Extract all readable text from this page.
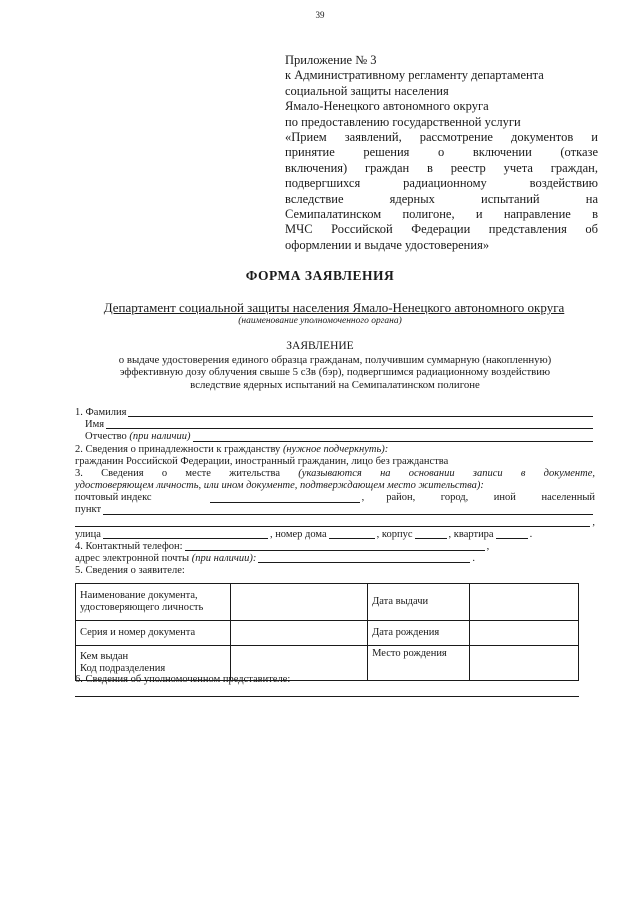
39
Приложение № 3
к Административному регламенту департамента
социальной защиты населения
Ямало-Ненецкого автономного округа
по предоставлению государственной услуги
«Прием заявлений, рассмотрение документов и
принятие решения о включении (отказе
включения) граждан в реестр учета граждан,
подвергшихся радиационному воздействию
вследствие ядерных испытаний на
Семипалатинском полигоне, и направление в
МЧС Российской Федерации представления об
оформлении и выдаче удостоверения»
ФОРМА ЗАЯВЛЕНИЯ
Департамент социальной защиты населения Ямало-Ненецкого автономного округа
(наименование уполномоченного органа)
ЗАЯВЛЕНИЕ
о выдаче удостоверения единого образца гражданам, получившим суммарную (накопленную)
эффективную дозу облучения свыше 5 сЗв (бэр), подвергшимся радиационному воздействию
вследствие ядерных испытаний на Семипалатинском полигоне
1. Фамилия
Имя
Отчество
(при наличии)
2. Сведения о принадлежности к гражданству
(нужное подчеркнуть):
гражданин Российской Федерации, иностранный гражданин, лицо без гражданства
3. Сведения о месте жительства (указываются на основании записи в документе,
удостоверяющем личность, или ином документе, подтверждающем место жительства):
почтовый индекс	,	район, город, иной населенный
пункт
,
улица	, номер дома	, корпус	, квартира	.
4. Контактный телефон:	,
адрес электронной почты
(при наличии):	.
5. Сведения о заявителе:
Наименование документа, удостоверяющего личность		Дата выдачи	
Серия и номер документа		Дата рождения	

Кем выдан
Код подразделения		Место рождения	
6. Сведения об уполномоченном представителе:
